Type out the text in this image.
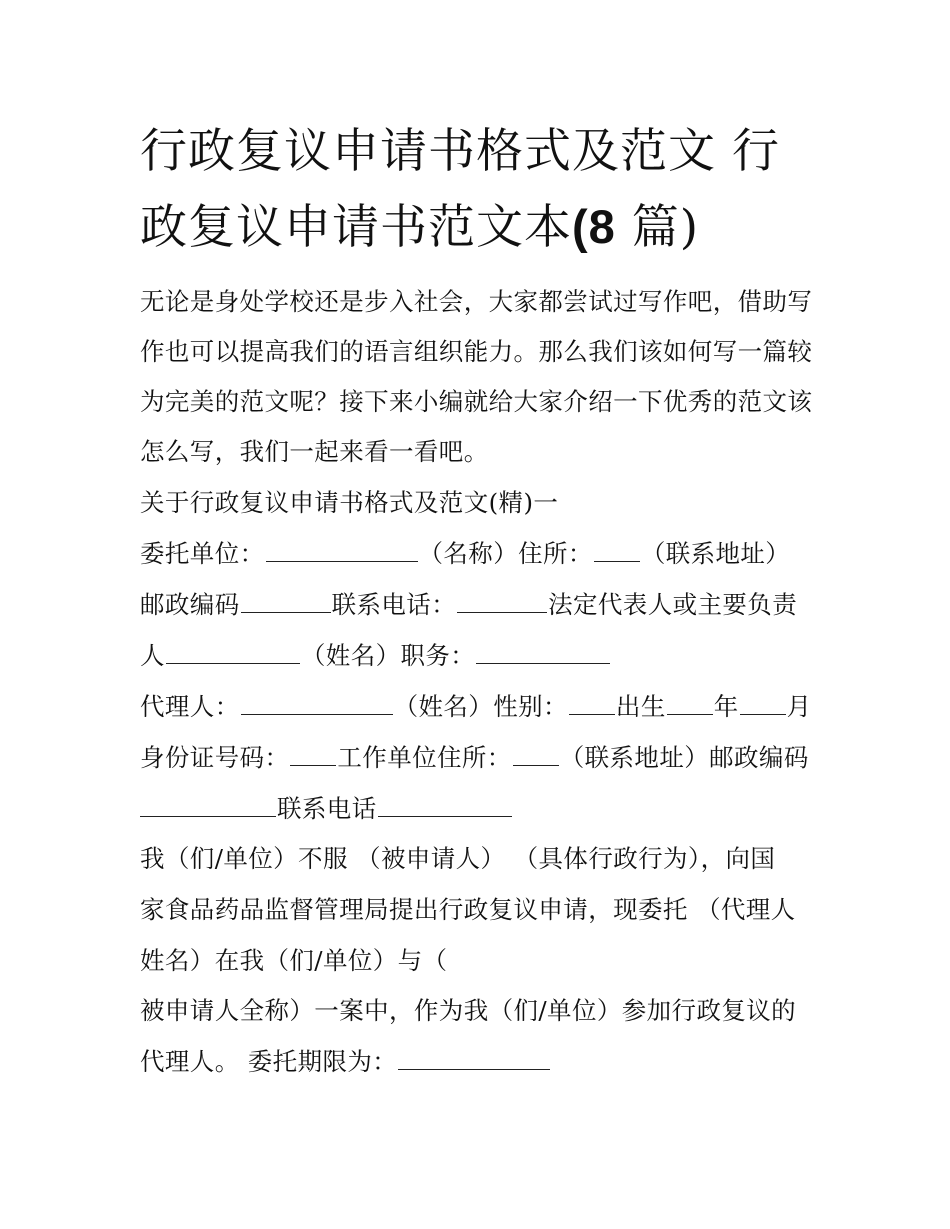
行政复议申请书格式及范文 行
政复议申请书范文本(8 篇)

无论是身处学校还是步入社会，大家都尝试过写作吧，借助写

作也可以提高我们的语言组织能力。那么我们该如何写一篇较

为完美的范文呢？接下来小编就给大家介绍一下优秀的范文该

怎么写，我们一起来看一看吧。

关于行政复议申请书格式及范文(精)一

委托单位：	（名称）住所： （联系地址）

邮政编码	联系电话：	法定代表人或主要负责

人	（姓名）职务：

代理人：	（姓名）性别： 出生 年 月

身份证号码： 工作单位住所： （联系地址）邮政编码

联系电话

我（们/单位）不服 （被申请人） （具体行政行为），向国

家食品药品监督管理局提出行政复议申请，现委托 （代理人

姓名）在我（们/单位）与（

被申请人全称）一案中，作为我（们/单位）参加行政复议的

代理人。 委托期限为：
